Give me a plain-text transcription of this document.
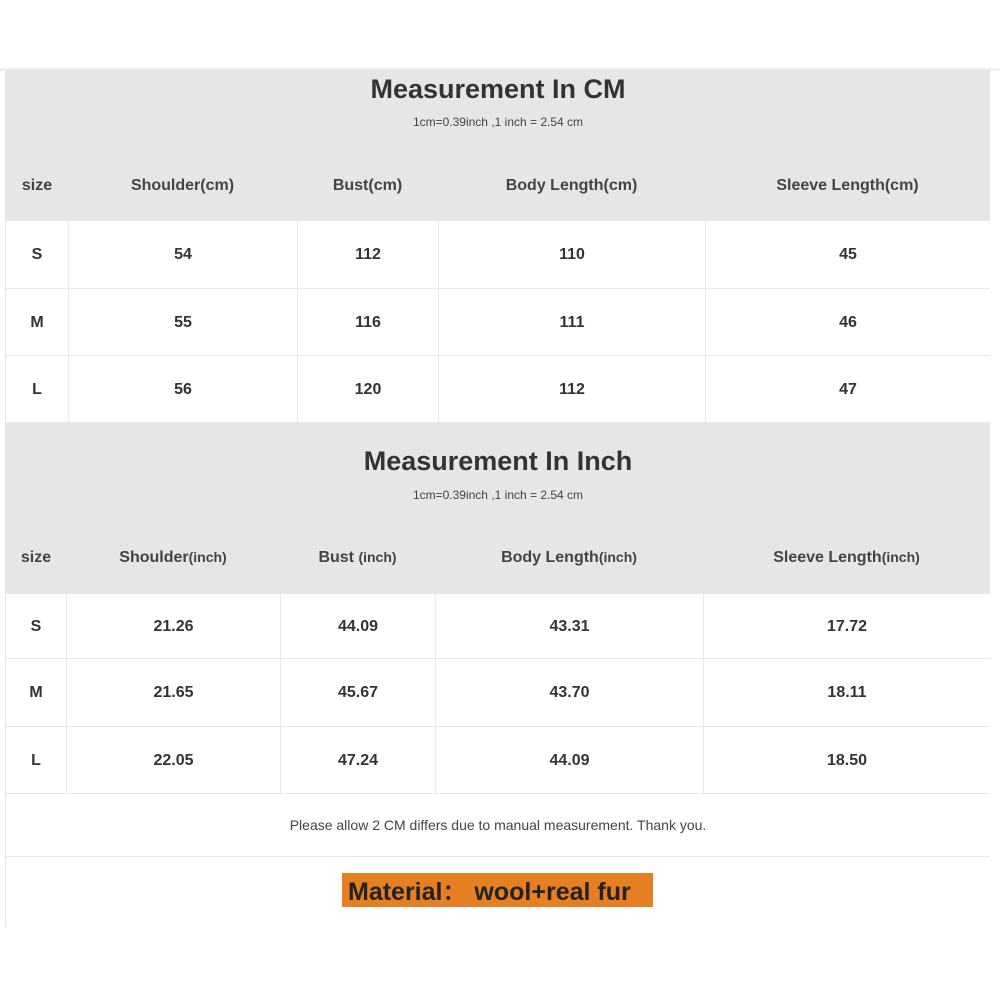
Measurement In CM
1cm=0.39inch ,1 inch = 2.54 cm
size	Shoulder(cm)	Bust(cm)	Body Length(cm)	Sleeve Length(cm)
S	54	112	110	45
M	55	116	111	46
L	56	120	112	47
Measurement In Inch
1cm=0.39inch ,1 inch = 2.54 cm
size	Shoulder(inch)	Bust (inch)	Body Length(inch)	Sleeve Length(inch)
S	21.26	44.09	43.31	17.72
M	21.65	45.67	43.70	18.11
L	22.05	47.24	44.09	18.50
Please allow 2 CM differs due to manual measurement. Thank you.
Material： wool+real fur
